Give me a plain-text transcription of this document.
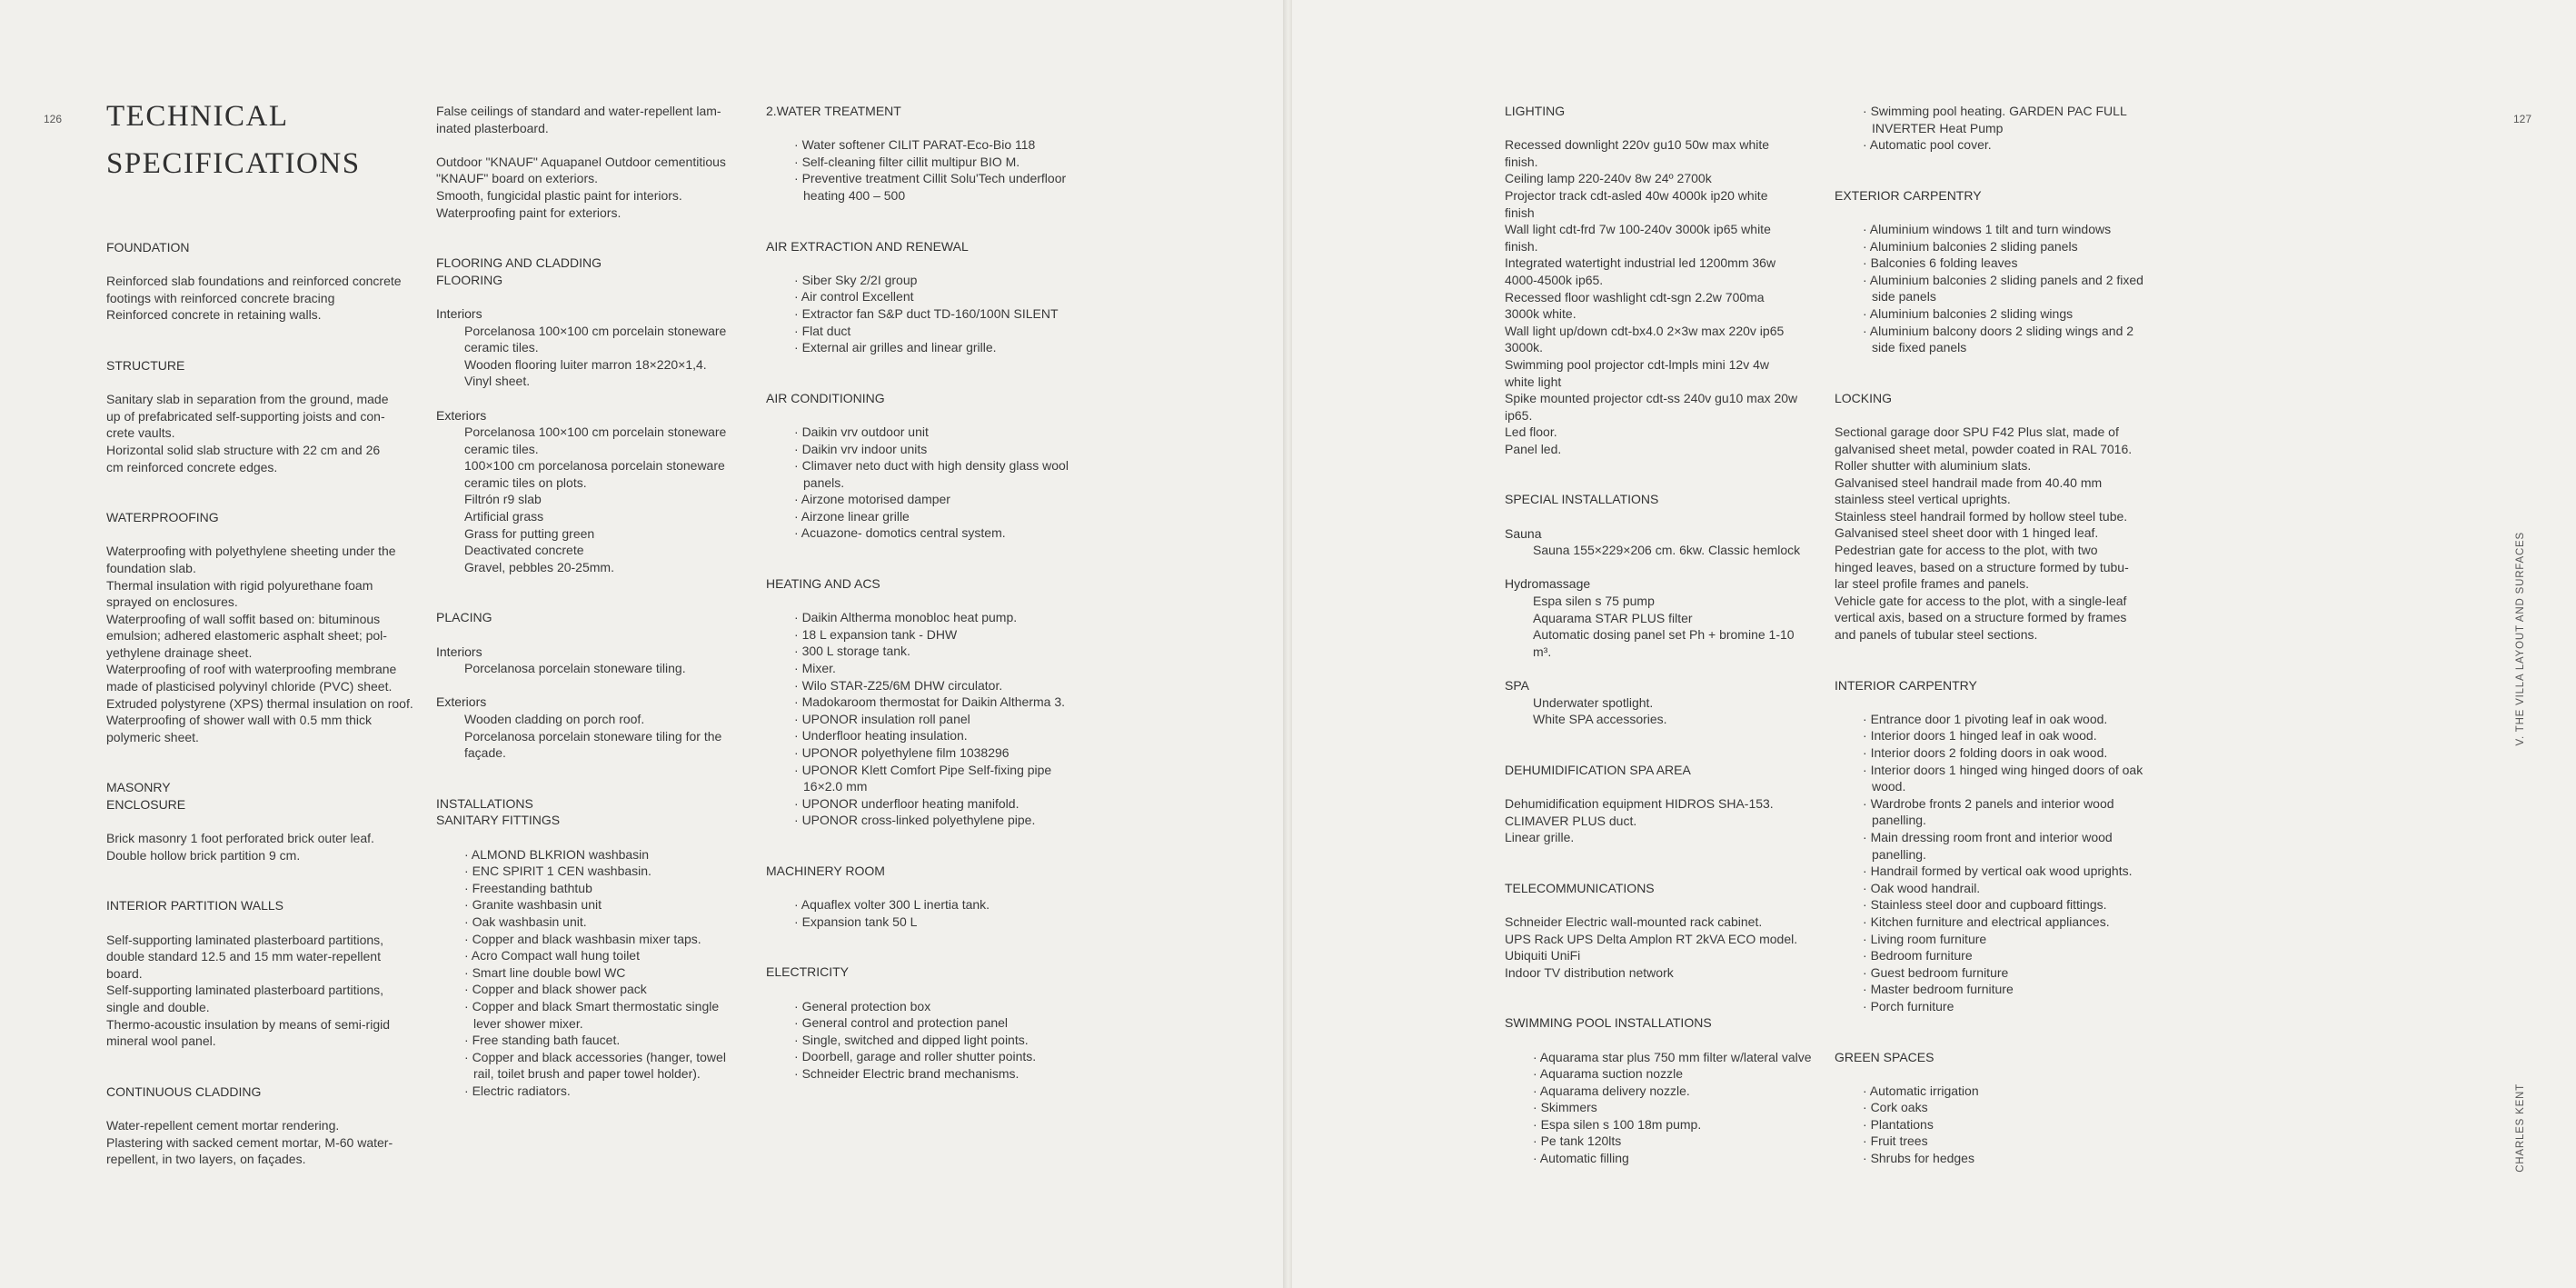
126 TECHNICAL
SPECIFICATIONS
127
V. THE VILLA LAYOUT AND SURFACES
CHARLES KENT
FOUNDATION
Reinforced slab foundations and reinforced concrete
footings with reinforced concrete bracing
Reinforced concrete in retaining walls.
STRUCTURE
Sanitary slab in separation from the ground, made
up of prefabricated self-supporting joists and con-
crete vaults.
Horizontal solid slab structure with 22 cm and 26
cm reinforced concrete edges.
WATERPROOFING
Waterproofing with polyethylene sheeting under the
foundation slab.
Thermal insulation with rigid polyurethane foam
sprayed on enclosures.
Waterproofing of wall soffit based on: bituminous
emulsion; adhered elastomeric asphalt sheet; pol-
yethylene drainage sheet.
Waterproofing of roof with waterproofing membrane
made of plasticised polyvinyl chloride (PVC) sheet.
Extruded polystyrene (XPS) thermal insulation on roof.
Waterproofing of shower wall with 0.5 mm thick
polymeric sheet.
MASONRY
ENCLOSURE
Brick masonry 1 foot perforated brick outer leaf.
Double hollow brick partition 9 cm.
INTERIOR PARTITION WALLS
Self-supporting laminated plasterboard partitions,
double standard 12.5 and 15 mm water-repellent
board.
Self-supporting laminated plasterboard partitions,
single and double.
Thermo-acoustic insulation by means of semi-rigid
mineral wool panel.
CONTINUOUS CLADDING
Water-repellent cement mortar rendering.
Plastering with sacked cement mortar, M-60 water-
repellent, in two layers, on façades.
False ceilings of standard and water-repellent lam-
inated plasterboard.
Outdoor "KNAUF" Aquapanel Outdoor cementitious
"KNAUF" board on exteriors.
Smooth, fungicidal plastic paint for interiors.
Waterproofing paint for exteriors.
FLOORING AND CLADDING
FLOORING
Interiors
Porcelanosa 100×100 cm porcelain stoneware
ceramic tiles.
Wooden flooring luiter marron 18×220×1,4.
Vinyl sheet.
Exteriors
Porcelanosa 100×100 cm porcelain stoneware
ceramic tiles.
100×100 cm porcelanosa porcelain stoneware
ceramic tiles on plots.
Filtrón r9 slab
Artificial grass
Grass for putting green
Deactivated concrete
Gravel, pebbles 20-25mm.
PLACING
Interiors
Porcelanosa porcelain stoneware tiling.
Exteriors
Wooden cladding on porch roof.
Porcelanosa porcelain stoneware tiling for the
façade.
INSTALLATIONS
SANITARY FITTINGS
· ALMOND BLKRION washbasin
· ENC SPIRIT 1 CEN washbasin.
· Freestanding bathtub
· Granite washbasin unit
· Oak washbasin unit.
· Copper and black washbasin mixer taps.
· Acro Compact wall hung toilet
· Smart line double bowl WC
· Copper and black shower pack
· Copper and black Smart thermostatic single lever shower mixer.
· Free standing bath faucet.
· Copper and black accessories (hanger, towel rail, toilet brush and paper towel holder).
· Electric radiators.
2.WATER TREATMENT
· Water softener CILIT PARAT-Eco-Bio 118
· Self-cleaning filter cillit multipur BIO M.
· Preventive treatment Cillit Solu'Tech underfloor heating 400 – 500
AIR EXTRACTION AND RENEWAL
· Siber Sky 2/2I group
· Air control Excellent
· Extractor fan S&P duct TD-160/100N SILENT
· Flat duct
· External air grilles and linear grille.
AIR CONDITIONING
· Daikin vrv outdoor unit
· Daikin vrv indoor units
· Climaver neto duct with high density glass wool panels.
· Airzone motorised damper
· Airzone linear grille
· Acuazone- domotics central system.
HEATING AND ACS
· Daikin Altherma monobloc heat pump.
· 18 L expansion tank - DHW
· 300 L storage tank.
· Mixer.
· Wilo STAR-Z25/6M DHW circulator.
· Madokaroom thermostat for Daikin Altherma 3.
· UPONOR insulation roll panel
· Underfloor heating insulation.
· UPONOR polyethylene film 1038296
· UPONOR Klett Comfort Pipe Self-fixing pipe 16×2.0 mm
· UPONOR underfloor heating manifold.
· UPONOR cross-linked polyethylene pipe.
MACHINERY ROOM
· Aquaflex volter 300 L inertia tank.
· Expansion tank 50 L
ELECTRICITY
· General protection box
· General control and protection panel
· Single, switched and dipped light points.
· Doorbell, garage and roller shutter points.
· Schneider Electric brand mechanisms.
LIGHTING
Recessed downlight 220v gu10 50w max white
finish.
Ceiling lamp 220-240v 8w 24º 2700k
Projector track cdt-asled 40w 4000k ip20 white
finish
Wall light cdt-frd 7w 100-240v 3000k ip65 white
finish.
Integrated watertight industrial led 1200mm 36w
4000-4500k ip65.
Recessed floor washlight cdt-sgn 2.2w 700ma
3000k white.
Wall light up/down cdt-bx4.0 2×3w max 220v ip65
3000k.
Swimming pool projector cdt-lmpls mini 12v 4w
white light
Spike mounted projector cdt-ss 240v gu10 max 20w
ip65.
Led floor.
Panel led.
SPECIAL INSTALLATIONS
Sauna
Sauna 155×229×206 cm. 6kw. Classic hemlock
Hydromassage
Espa silen s 75 pump
Aquarama STAR PLUS filter
Automatic dosing panel set Ph + bromine 1-10 m³.
SPA
Underwater spotlight.
White SPA accessories.
DEHUMIDIFICATION SPA AREA
Dehumidification equipment HIDROS SHA-153.
CLIMAVER PLUS duct.
Linear grille.
TELECOMMUNICATIONS
Schneider Electric wall-mounted rack cabinet.
UPS Rack UPS Delta Amplon RT 2kVA ECO model.
Ubiquiti UniFi
Indoor TV distribution network
SWIMMING POOL INSTALLATIONS
· Aquarama star plus 750 mm filter w/lateral valve
· Aquarama suction nozzle
· Aquarama delivery nozzle.
· Skimmers
· Espa silen s 100 18m pump.
· Pe tank 120lts
· Automatic filling
· Swimming pool heating. GARDEN PAC FULL INVERTER Heat Pump
· Automatic pool cover.
EXTERIOR CARPENTRY
· Aluminium windows 1 tilt and turn windows
· Aluminium balconies 2 sliding panels
· Balconies 6 folding leaves
· Aluminium balconies 2 sliding panels and 2 fixed side panels
· Aluminium balconies 2 sliding wings
· Aluminium balcony doors 2 sliding wings and 2 side fixed panels
LOCKING
Sectional garage door SPU F42 Plus slat, made of
galvanised sheet metal, powder coated in RAL 7016.
Roller shutter with aluminium slats.
Galvanised steel handrail made from 40.40 mm
stainless steel vertical uprights.
Stainless steel handrail formed by hollow steel tube.
Galvanised steel sheet door with 1 hinged leaf.
Pedestrian gate for access to the plot, with two
hinged leaves, based on a structure formed by tubu-
lar steel profile frames and panels.
Vehicle gate for access to the plot, with a single-leaf
vertical axis, based on a structure formed by frames
and panels of tubular steel sections.
INTERIOR CARPENTRY
· Entrance door 1 pivoting leaf in oak wood.
· Interior doors 1 hinged leaf in oak wood.
· Interior doors 2 folding doors in oak wood.
· Interior doors 1 hinged wing hinged doors of oak wood.
· Wardrobe fronts 2 panels and interior wood panelling.
· Main dressing room front and interior wood panelling.
· Handrail formed by vertical oak wood uprights.
· Oak wood handrail.
· Stainless steel door and cupboard fittings.
· Kitchen furniture and electrical appliances.
· Living room furniture
· Bedroom furniture
· Guest bedroom furniture
· Master bedroom furniture
· Porch furniture
GREEN SPACES
· Automatic irrigation
· Cork oaks
· Plantations
· Fruit trees
· Shrubs for hedges
